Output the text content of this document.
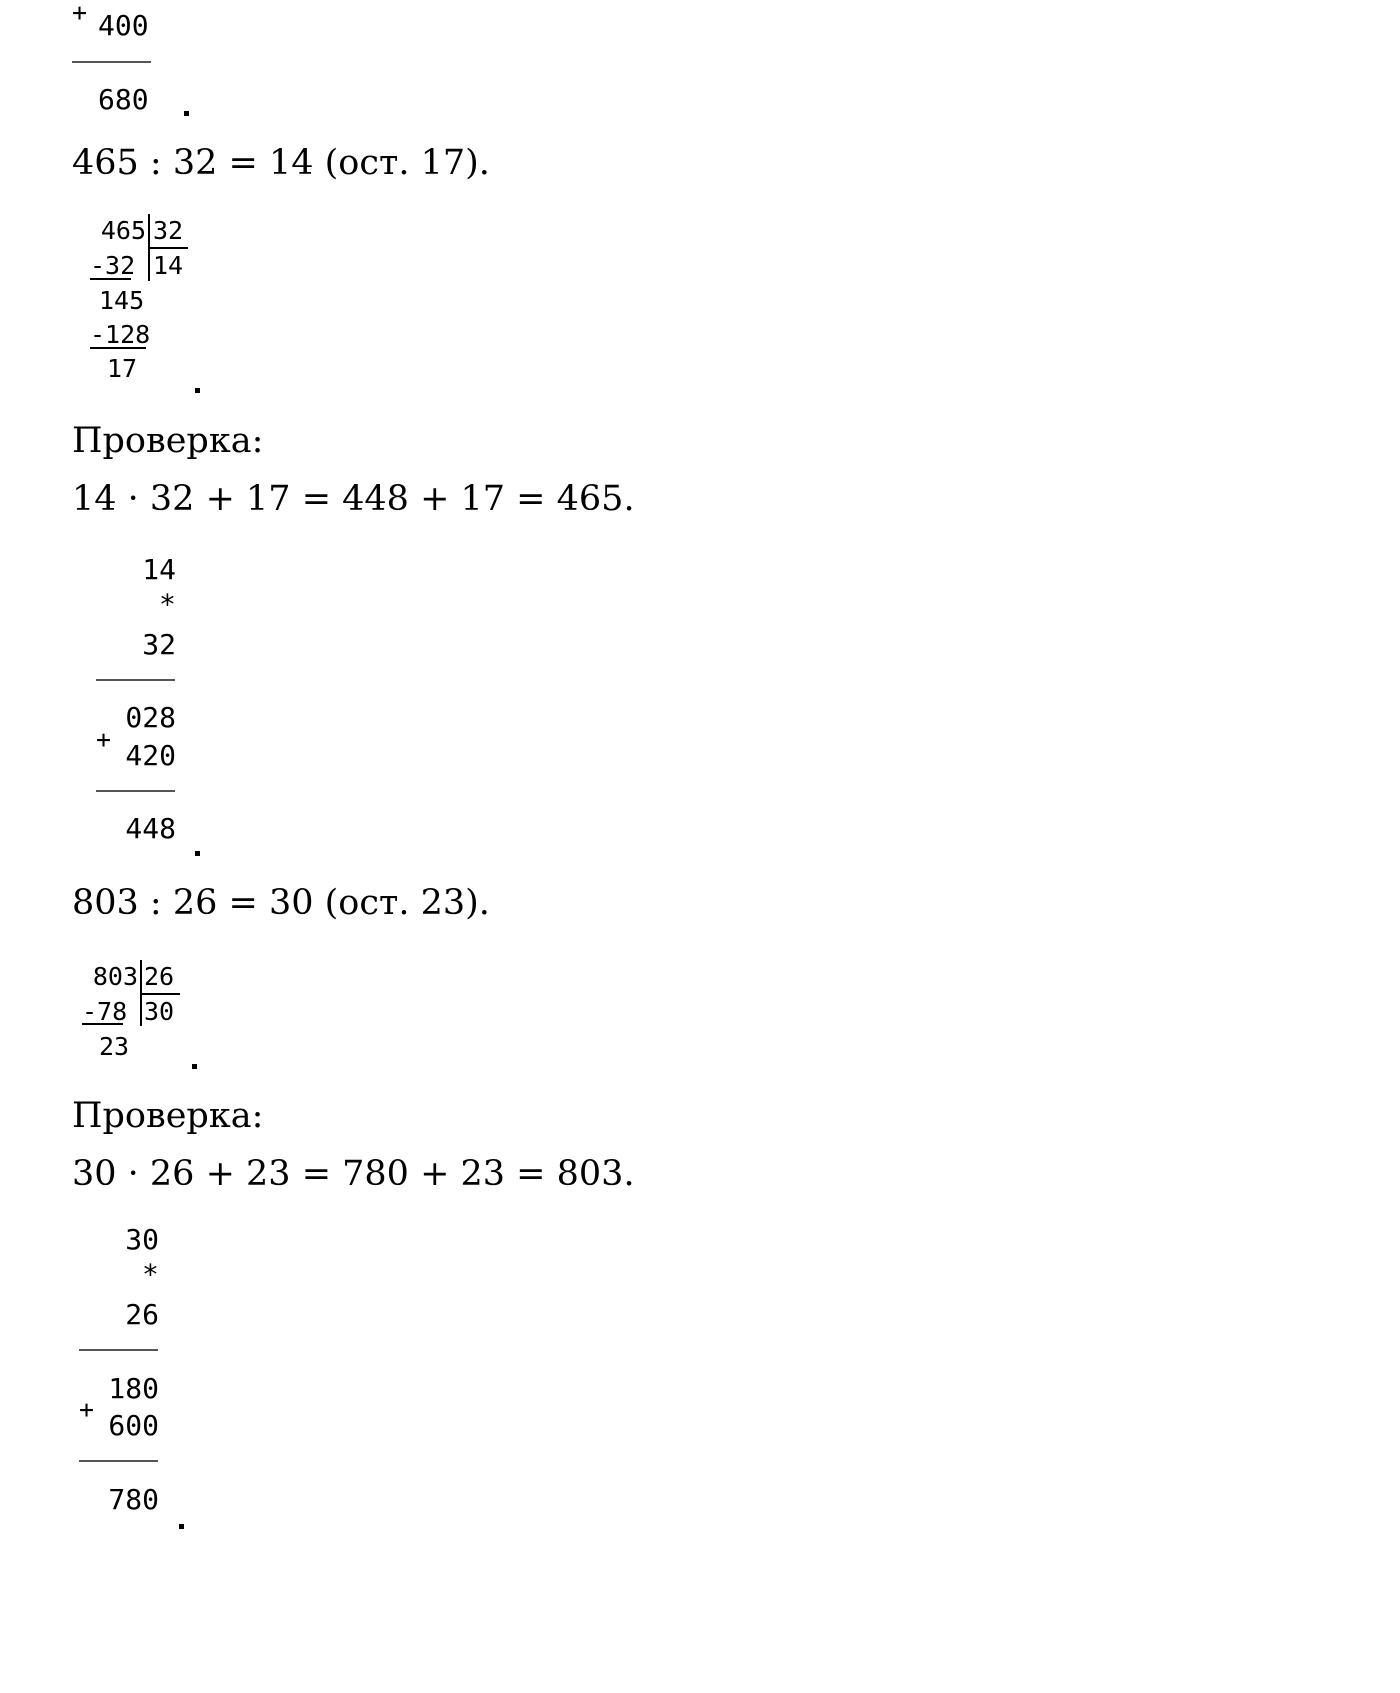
+ 400
680
465 : 32 = 14 (ост. 17).
465 32
14
-32
145
-128
17
Проверка:
14 · 32 + 17 = 448 + 17 = 465.
14
*
32
028
+ 420
448
803 : 26 = 30 (ост. 23).
803 26
30
-78
23
Проверка:
30 · 26 + 23 = 780 + 23 = 803.
30
*
26
180
+ 600
780
